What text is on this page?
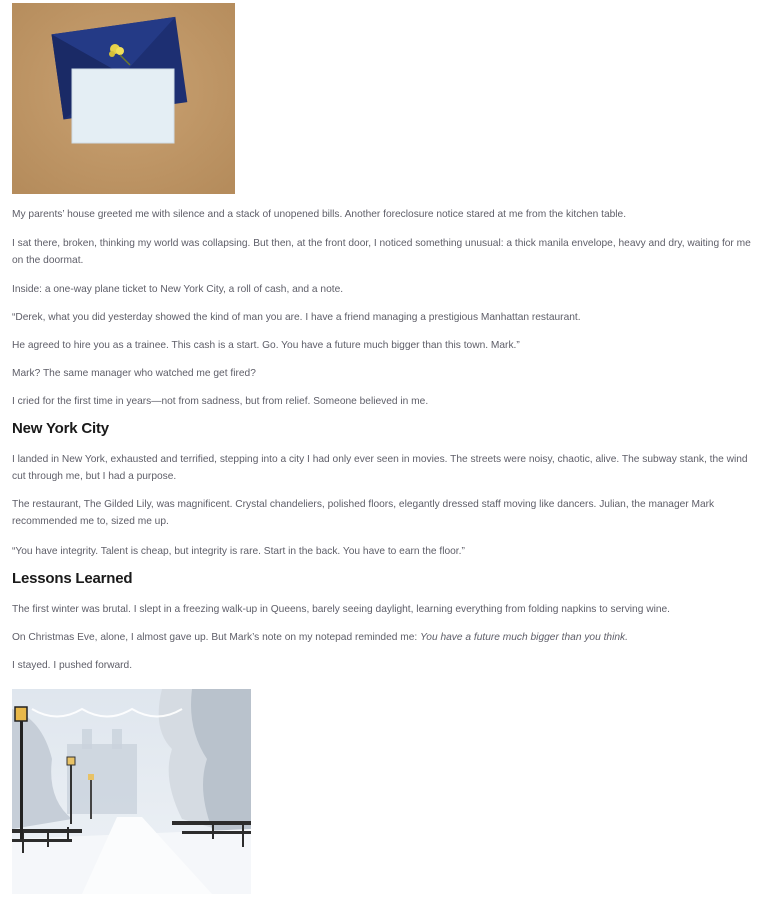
My parents’ house greeted me with silence and a stack of unopened bills. Another foreclosure notice stared at me from the kitchen table.

I sat there, broken, thinking my world was collapsing. But then, at the front door, I noticed something unusual: a thick manila envelope, heavy and dry, waiting for me on the doormat.

Inside: a one-way plane ticket to New York City, a roll of cash, and a note.

“Derek, what you did yesterday showed the kind of man you are. I have a friend managing a prestigious Manhattan restaurant.

He agreed to hire you as a trainee. This cash is a start. Go. You have a future much bigger than this town. Mark.”

Mark? The same manager who watched me get fired?

I cried for the first time in years—not from sadness, but from relief. Someone believed in me.

New York City

I landed in New York, exhausted and terrified, stepping into a city I had only ever seen in movies. The streets were noisy, chaotic, alive. The subway stank, the wind cut through me, but I had a purpose.

The restaurant, The Gilded Lily, was magnificent. Crystal chandeliers, polished floors, elegantly dressed staff moving like dancers. Julian, the manager Mark recommended me to, sized me up.

“You have integrity. Talent is cheap, but integrity is rare. Start in the back. You have to earn the floor.”

Lessons Learned

The first winter was brutal. I slept in a freezing walk-up in Queens, barely seeing daylight, learning everything from folding napkins to serving wine.

On Christmas Eve, alone, I almost gave up. But Mark’s note on my notepad reminded me: You have a future much bigger than you think.

I stayed. I pushed forward.
